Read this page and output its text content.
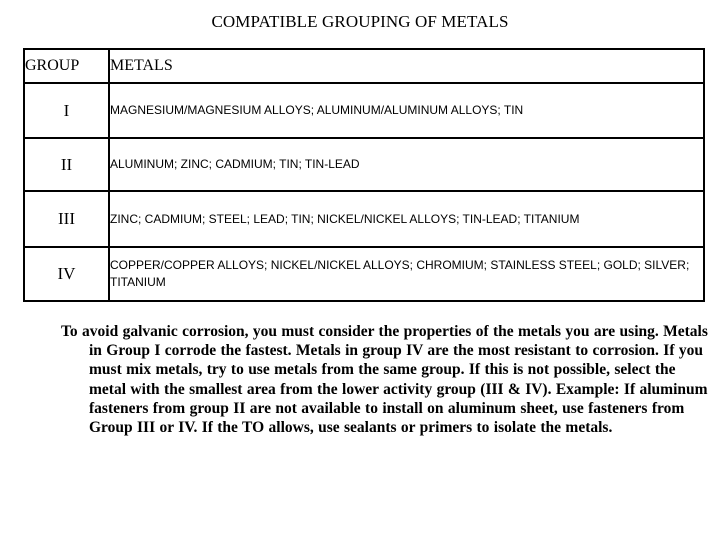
COMPATIBLE GROUPING OF METALS
GROUP	METALS
I	MAGNESIUM/MAGNESIUM ALLOYS; ALUMINUM/ALUMINUM ALLOYS; TIN
II	ALUMINUM; ZINC; CADMIUM; TIN; TIN-LEAD
III	ZINC; CADMIUM; STEEL; LEAD; TIN; NICKEL/NICKEL ALLOYS; TIN-LEAD; TITANIUM
IV	COPPER/COPPER ALLOYS; NICKEL/NICKEL ALLOYS; CHROMIUM; STAINLESS STEEL; GOLD; SILVER; TITANIUM

To avoid galvanic corrosion, you must consider the properties of the metals you are using. Metals in Group I corrode the fastest. Metals in group IV are the most resistant to corrosion. If you must mix metals, try to use metals from the same group. If this is not possible, select the metal with the smallest area from the lower activity group (III & IV). Example: If aluminum fasteners from group II are not available to install on aluminum sheet, use fasteners from Group III or IV. If the TO allows, use sealants or primers to isolate the metals.
